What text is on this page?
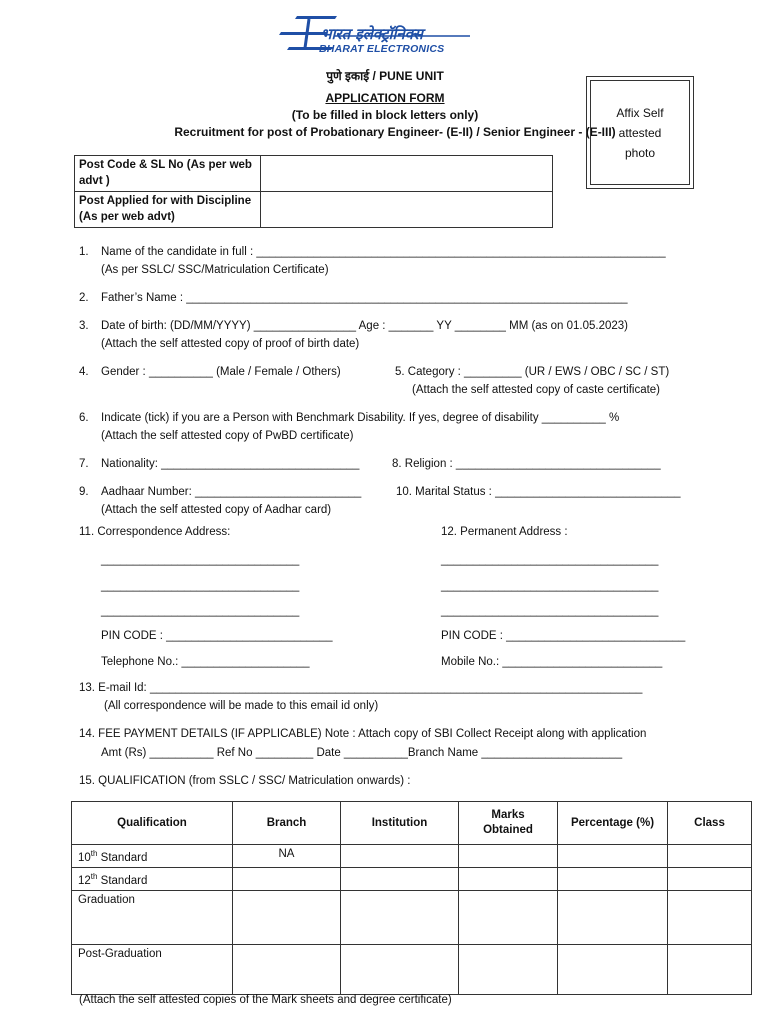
भारत इलेक्ट्रॉनिक्स
BHARAT ELECTRONICS
पुणे इकाई / PUNE UNIT
APPLICATION FORM
(To be filled in block letters only)
Recruitment for post of Probationary Engineer- (E-II) / Senior Engineer - (E-III)
Affix Self
attested
photo
Post Code & SL No (As per web advt )	
Post Applied for with Discipline (As per web advt)	
1. Name of the candidate in full : ________________________________________________________________
(As per SSLC/ SSC/Matriculation Certificate)
2. Father’s Name : _____________________________________________________________________
3. Date of birth: (DD/MM/YYYY) ________________ Age : _______ YY ________ MM (as on 01.05.2023)
(Attach the self attested copy of proof of birth date)
4. Gender : __________ (Male / Female / Others)	5. Category : _________ (UR / EWS / OBC / SC / ST)
(Attach the self attested copy of caste certificate)
6. Indicate (tick) if you are a Person with Benchmark Disability. If yes, degree of disability __________ %
(Attach the self attested copy of PwBD certificate)
7. Nationality: _______________________________	8. Religion : ________________________________
9. Aadhaar Number: __________________________
(Attach the self attested copy of Aadhar card)
10. Marital Status : _____________________________
11. Correspondence Address:	12. Permanent Address :
_______________________________
_______________________________
_______________________________
__________________________________
__________________________________
__________________________________
PIN CODE : __________________________	PIN CODE : ____________________________
Telephone No.: ____________________	Mobile No.: _________________________
13. E-mail Id: _____________________________________________________________________________
(All correspondence will be made to this email id only)
14. FEE PAYMENT DETAILS (IF APPLICABLE) Note : Attach copy of SBI Collect Receipt along with application
Amt (Rs) __________ Ref No _________ Date __________Branch Name ______________________
15. QUALIFICATION (from SSLC / SSC/ Matriculation onwards) :
Qualification	Branch	Institution	Marks Obtained	Percentage (%)	Class
10th Standard	NA				
12th Standard					
Graduation					
Post-Graduation					
(Attach the self attested copies of the Mark sheets and degree certificate)
